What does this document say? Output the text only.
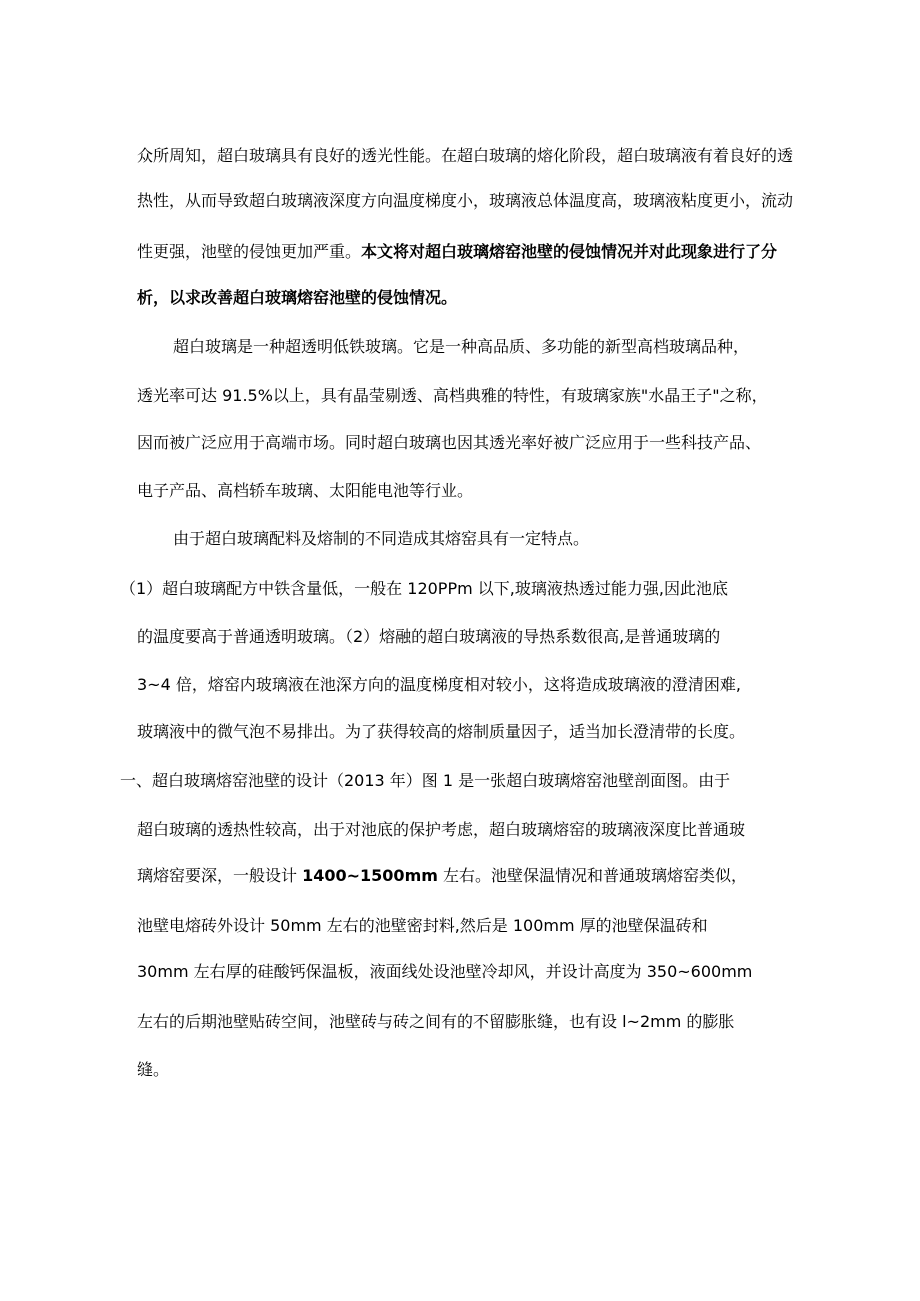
众所周知，超白玻璃具有良好的透光性能。在超白玻璃的熔化阶段，超白玻璃液有着良好的透
热性，从而导致超白玻璃液深度方向温度梯度小，玻璃液总体温度高，玻璃液粘度更小，流动
性更强，池壁的侵蚀更加严重。本文将对超白玻璃熔窑池壁的侵蚀情况并对此现象进行了分
析，以求改善超白玻璃熔窑池壁的侵蚀情况。
超白玻璃是一种超透明低铁玻璃。它是一种高品质、多功能的新型高档玻璃品种，
透光率可达 91.5%以上，具有晶莹剔透、高档典雅的特性，有玻璃家族"水晶王子"之称，
因而被广泛应用于高端市场。同时超白玻璃也因其透光率好被广泛应用于一些科技产品、
电子产品、高档轿车玻璃、太阳能电池等行业。
由于超白玻璃配料及熔制的不同造成其熔窑具有一定特点。
（1）超白玻璃配方中铁含量低，一般在 120PPm 以下,玻璃液热透过能力强,因此池底
的温度要高于普通透明玻璃。（2）熔融的超白玻璃液的导热系数很高,是普通玻璃的
3~4 倍，熔窑内玻璃液在池深方向的温度梯度相对较小，这将造成玻璃液的澄清困难,
玻璃液中的微气泡不易排出。为了获得较高的熔制质量因子，适当加长澄清带的长度。
一、超白玻璃熔窑池壁的设计（2013 年）图 1 是一张超白玻璃熔窑池壁剖面图。由于
超白玻璃的透热性较高，出于对池底的保护考虑，超白玻璃熔窑的玻璃液深度比普通玻
璃熔窑要深，一般设计 1400~1500mm 左右。池壁保温情况和普通玻璃熔窑类似，
池壁电熔砖外设计 50mm 左右的池壁密封料,然后是 100mm 厚的池壁保温砖和
30mm 左右厚的硅酸钙保温板，液面线处设池壁冷却风，并设计高度为 350~600mm
左右的后期池壁贴砖空间，池壁砖与砖之间有的不留膨胀缝，也有设 l~2mm 的膨胀
缝。
